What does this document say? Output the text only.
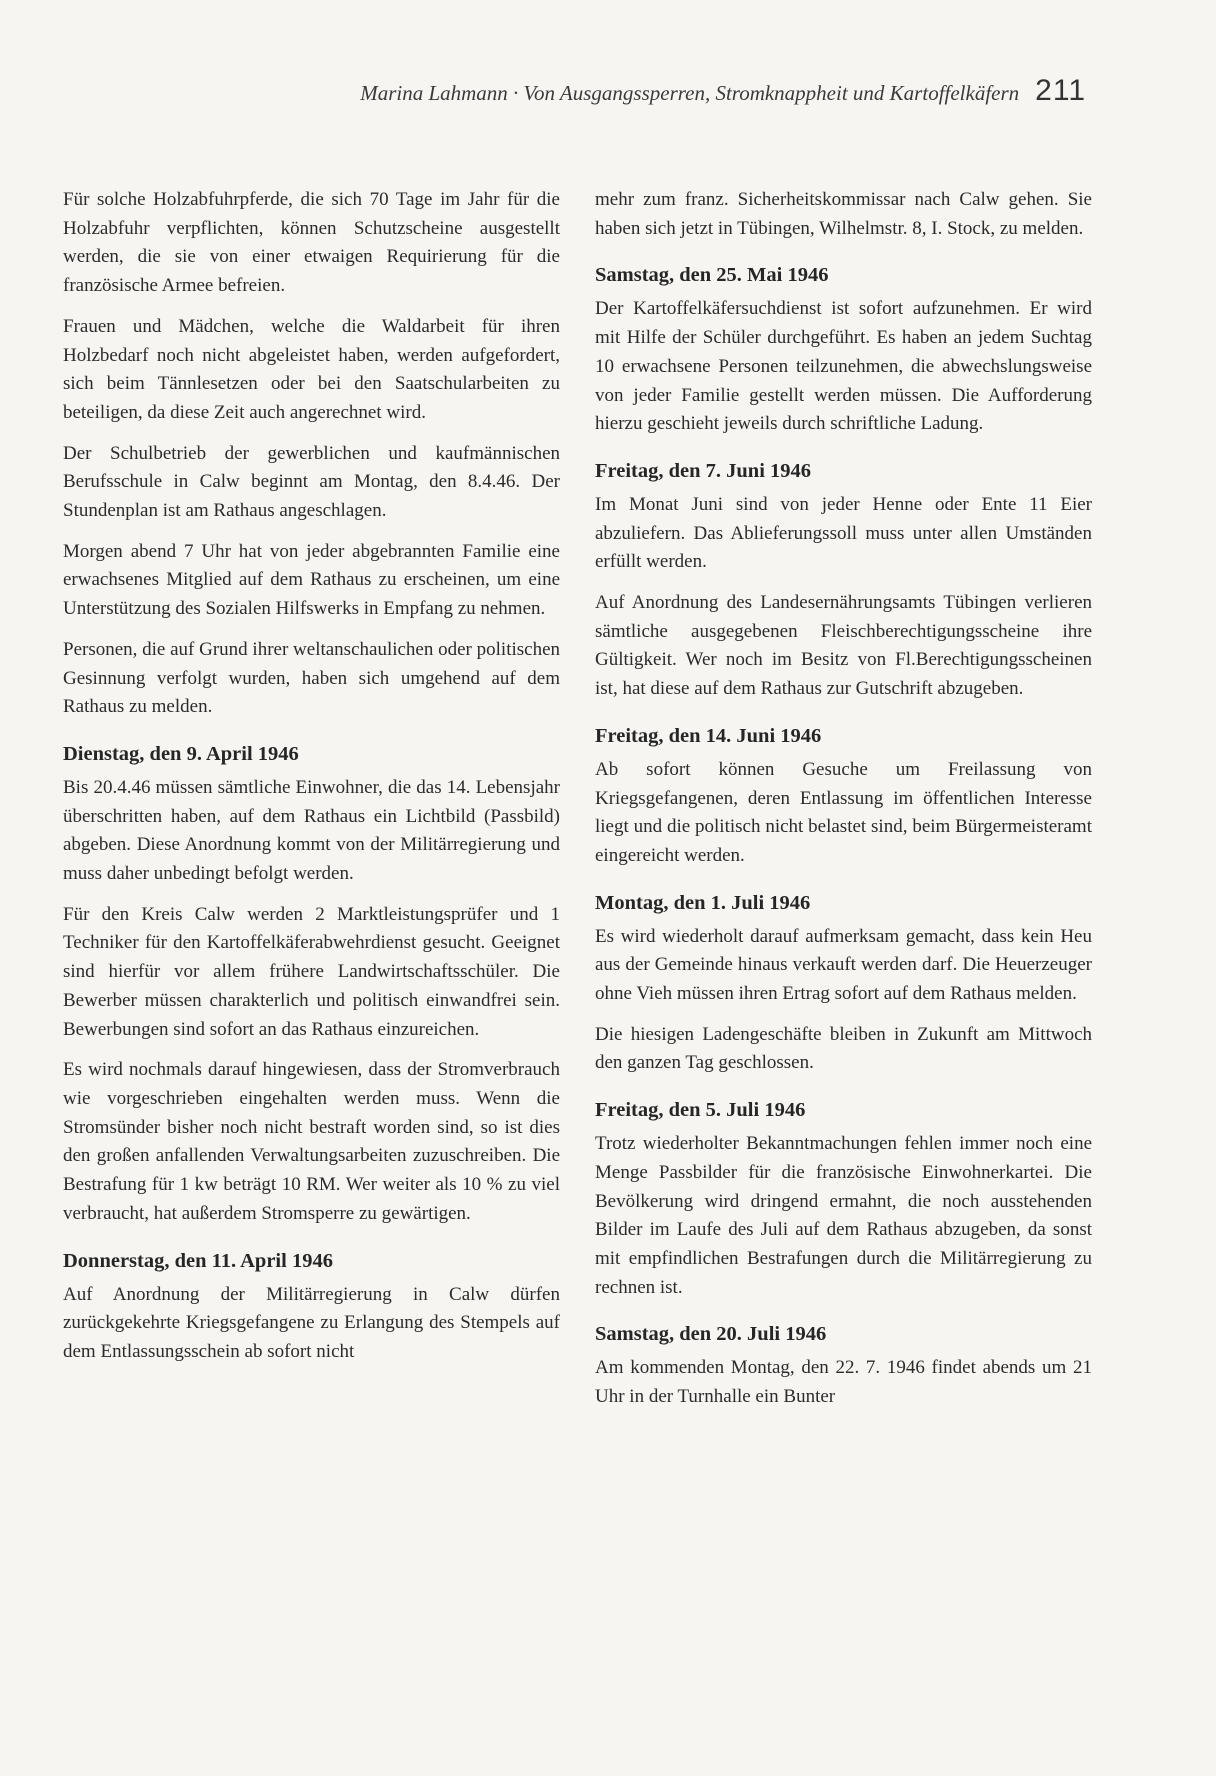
Marina Lahmann · Von Ausgangssperren, Stromknappheit und Kartoffelkäfern 211

Für solche Holzabfuhrpferde, die sich 70 Tage im Jahr für die Holzabfuhr verpflichten, können Schutzscheine ausgestellt werden, die sie von einer etwaigen Requirierung für die französische Armee befreien.

Frauen und Mädchen, welche die Waldarbeit für ihren Holzbedarf noch nicht abgeleistet haben, werden aufgefordert, sich beim Tännlesetzen oder bei den Saatschularbeiten zu beteiligen, da diese Zeit auch angerechnet wird.

Der Schulbetrieb der gewerblichen und kaufmännischen Berufsschule in Calw beginnt am Montag, den 8.4.46. Der Stundenplan ist am Rathaus angeschlagen.

Morgen abend 7 Uhr hat von jeder abgebrannten Familie eine erwachsenes Mitglied auf dem Rathaus zu erscheinen, um eine Unterstützung des Sozialen Hilfswerks in Empfang zu nehmen.

Personen, die auf Grund ihrer weltanschaulichen oder politischen Gesinnung verfolgt wurden, haben sich umgehend auf dem Rathaus zu melden.

Dienstag, den 9. April 1946

Bis 20.4.46 müssen sämtliche Einwohner, die das 14. Lebensjahr überschritten haben, auf dem Rathaus ein Lichtbild (Passbild) abgeben. Diese Anordnung kommt von der Militärregierung und muss daher unbedingt befolgt werden.

Für den Kreis Calw werden 2 Marktleistungsprüfer und 1 Techniker für den Kartoffelkäferabwehrdienst gesucht. Geeignet sind hierfür vor allem frühere Landwirtschaftsschüler. Die Bewerber müssen charakterlich und politisch einwandfrei sein. Bewerbungen sind sofort an das Rathaus einzureichen.

Es wird nochmals darauf hingewiesen, dass der Stromverbrauch wie vorgeschrieben eingehalten werden muss. Wenn die Stromsünder bisher noch nicht bestraft worden sind, so ist dies den großen anfallenden Verwaltungsarbeiten zuzuschreiben. Die Bestrafung für 1 kw beträgt 10 RM. Wer weiter als 10 % zu viel verbraucht, hat außerdem Stromsperre zu gewärtigen.

Donnerstag, den 11. April 1946

Auf Anordnung der Militärregierung in Calw dürfen zurückgekehrte Kriegsgefangene zu Erlangung des Stempels auf dem Entlassungsschein ab sofort nicht

mehr zum franz. Sicherheitskommissar nach Calw gehen. Sie haben sich jetzt in Tübingen, Wilhelmstr. 8, I. Stock, zu melden.

Samstag, den 25. Mai 1946

Der Kartoffelkäfersuchdienst ist sofort aufzunehmen. Er wird mit Hilfe der Schüler durchgeführt. Es haben an jedem Suchtag 10 erwachsene Personen teilzunehmen, die abwechslungsweise von jeder Familie gestellt werden müssen. Die Aufforderung hierzu geschieht jeweils durch schriftliche Ladung.

Freitag, den 7. Juni 1946

Im Monat Juni sind von jeder Henne oder Ente 11 Eier abzuliefern. Das Ablieferungssoll muss unter allen Umständen erfüllt werden.

Auf Anordnung des Landesernährungsamts Tübingen verlieren sämtliche ausgegebenen Fleischberechtigungsscheine ihre Gültigkeit. Wer noch im Besitz von Fl.Berechtigungsscheinen ist, hat diese auf dem Rathaus zur Gutschrift abzugeben.

Freitag, den 14. Juni 1946

Ab sofort können Gesuche um Freilassung von Kriegsgefangenen, deren Entlassung im öffentlichen Interesse liegt und die politisch nicht belastet sind, beim Bürgermeisteramt eingereicht werden.

Montag, den 1. Juli 1946

Es wird wiederholt darauf aufmerksam gemacht, dass kein Heu aus der Gemeinde hinaus verkauft werden darf. Die Heuerzeuger ohne Vieh müssen ihren Ertrag sofort auf dem Rathaus melden.

Die hiesigen Ladengeschäfte bleiben in Zukunft am Mittwoch den ganzen Tag geschlossen.

Freitag, den 5. Juli 1946

Trotz wiederholter Bekanntmachungen fehlen immer noch eine Menge Passbilder für die französische Einwohnerkartei. Die Bevölkerung wird dringend ermahnt, die noch ausstehenden Bilder im Laufe des Juli auf dem Rathaus abzugeben, da sonst mit empfindlichen Bestrafungen durch die Militärregierung zu rechnen ist.

Samstag, den 20. Juli 1946

Am kommenden Montag, den 22. 7. 1946 findet abends um 21 Uhr in der Turnhalle ein Bunter
